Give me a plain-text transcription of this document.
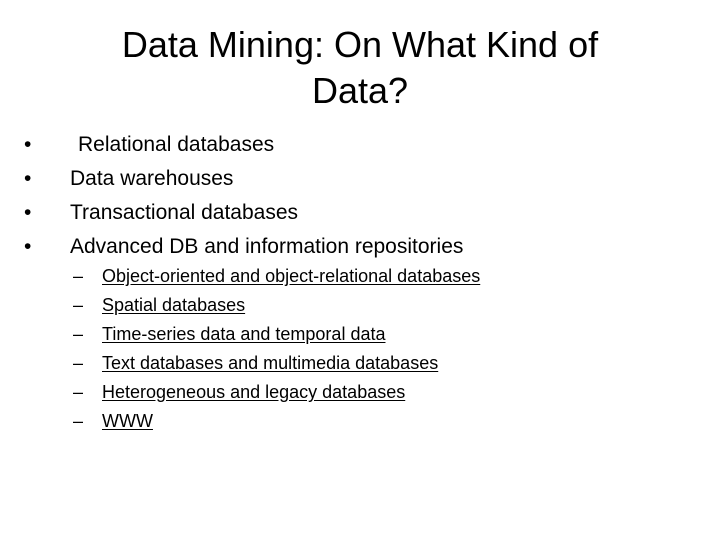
Data Mining: On What Kind of
Data?
•	Relational databases
•	Data warehouses
•	Transactional databases
•	Advanced DB and information repositories
–	Object-oriented and object-relational databases
–	Spatial databases
–	Time-series data and temporal data
–	Text databases and multimedia databases
–	Heterogeneous and legacy databases
–	WWW
